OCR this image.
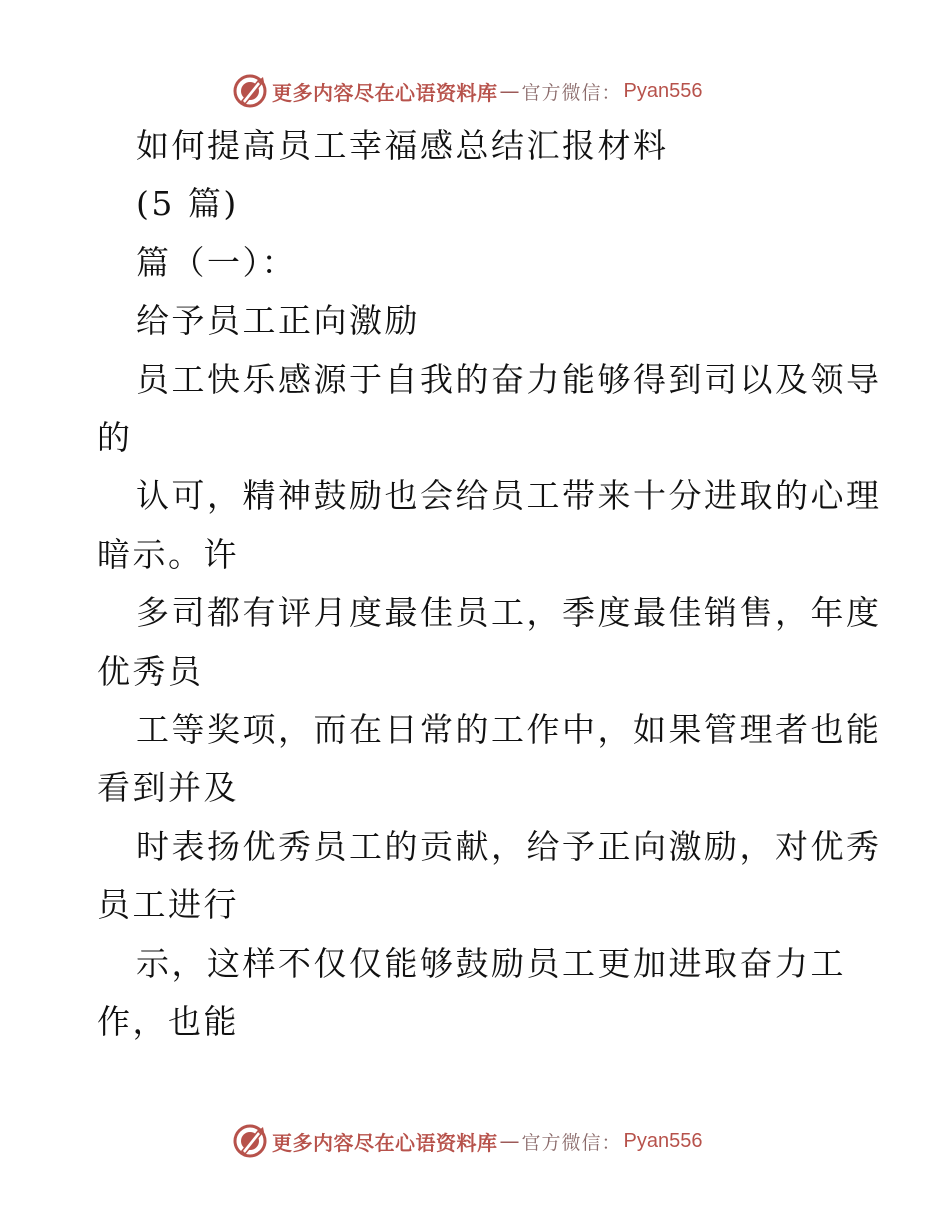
更多内容尽在心语资料库 — 官方微信： Pyan556
如何提高员工幸福感总结汇报材料
(5 篇)
篇（一）：
给予员工正向激励
员工快乐感源于自我的奋力能够得到司以及领导
的
认可，精神鼓励也会给员工带来十分进取的心理
暗示。许
多司都有评月度最佳员工，季度最佳销售，年度
优秀员
工等奖项，而在日常的工作中，如果管理者也能
看到并及
时表扬优秀员工的贡献，给予正向激励，对优秀
员工进行
示，这样不仅仅能够鼓励员工更加进取奋力工
作，也能
更多内容尽在心语资料库 — 官方微信： Pyan556
